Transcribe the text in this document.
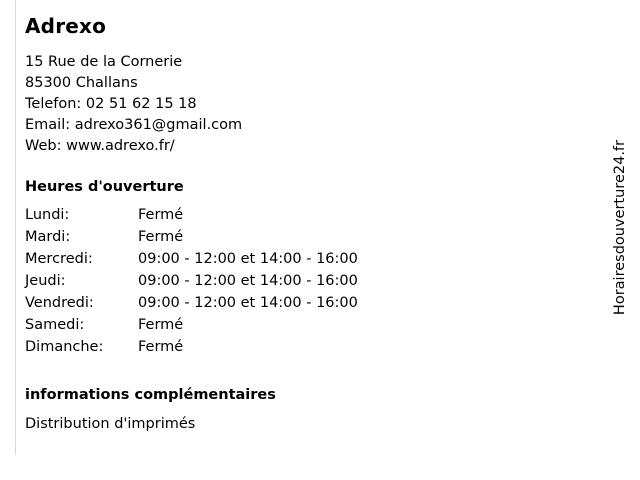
Adrexo
15 Rue de la Cornerie
85300 Challans
Telefon: 02 51 62 15 18
Email: adrexo361@gmail.com
Web: www.adrexo.fr/
Heures d'ouverture
Lundi:	Fermé
Mardi:	Fermé
Mercredi:	09:00 - 12:00 et 14:00 - 16:00
Jeudi:	09:00 - 12:00 et 14:00 - 16:00
Vendredi:	09:00 - 12:00 et 14:00 - 16:00
Samedi:	Fermé
Dimanche:	Fermé
informations complémentaires
Distribution d'imprimés
Horairesdouverture24.fr
